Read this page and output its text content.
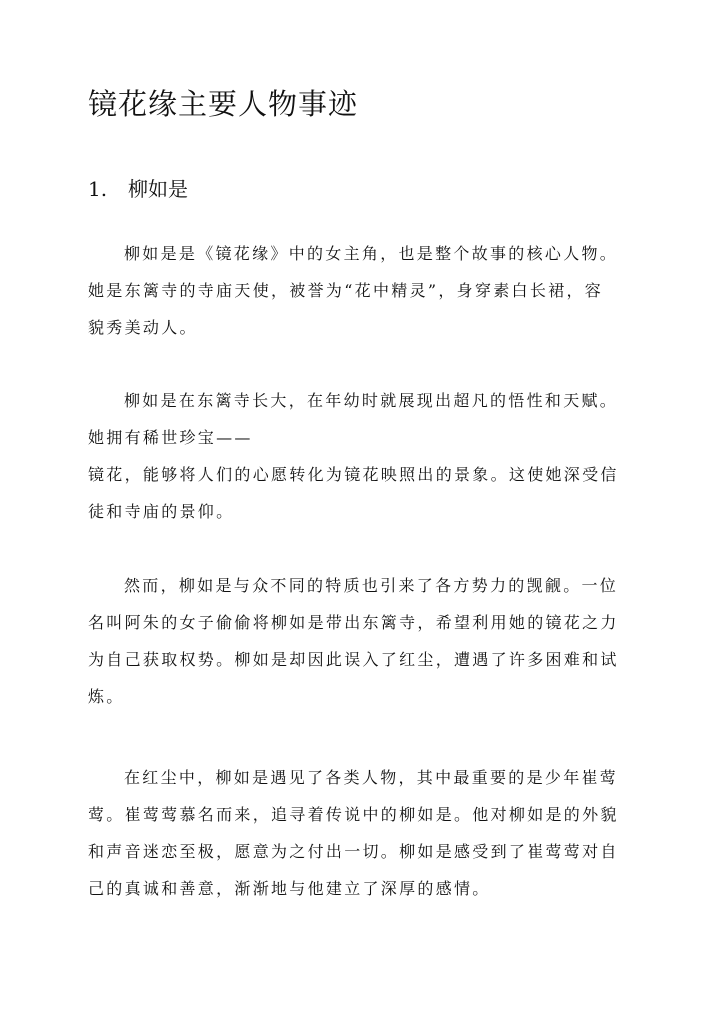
镜花缘主要人物事迹
1. 柳如是

柳如是是《镜花缘》中的女主角，也是整个故事的核心人物。
她是东篱寺的寺庙天使，被誉为“花中精灵”，身穿素白长裙，容
貌秀美动人。

柳如是在东篱寺长大，在年幼时就展现出超凡的悟性和天赋。
她拥有稀世珍宝——
镜花，能够将人们的心愿转化为镜花映照出的景象。这使她深受信
徒和寺庙的景仰。

然而，柳如是与众不同的特质也引来了各方势力的觊觎。一位
名叫阿朱的女子偷偷将柳如是带出东篱寺，希望利用她的镜花之力
为自己获取权势。柳如是却因此误入了红尘，遭遇了许多困难和试
炼。

在红尘中，柳如是遇见了各类人物，其中最重要的是少年崔莺
莺。崔莺莺慕名而来，追寻着传说中的柳如是。他对柳如是的外貌
和声音迷恋至极，愿意为之付出一切。柳如是感受到了崔莺莺对自
己的真诚和善意，渐渐地与他建立了深厚的感情。
